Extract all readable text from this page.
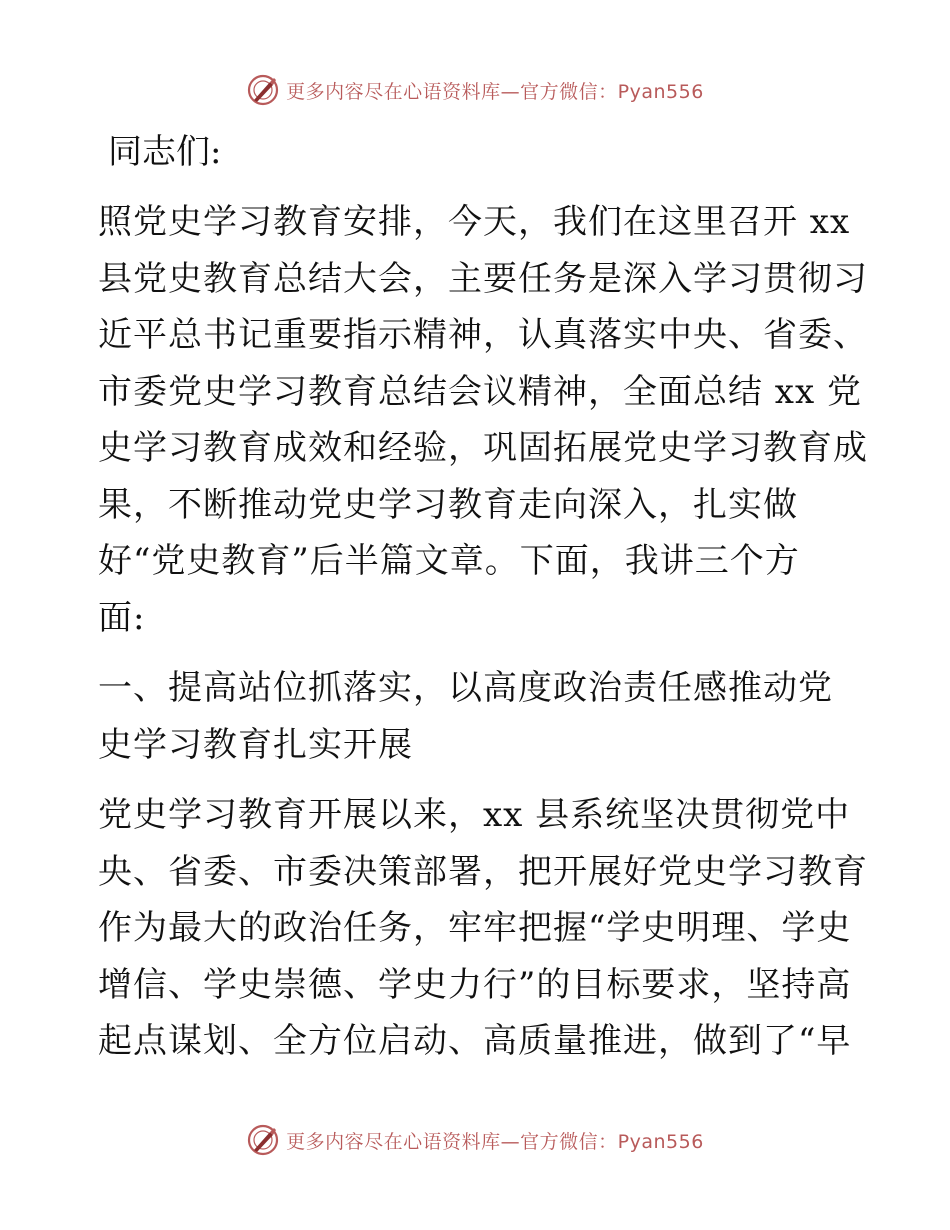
更多内容尽在心语资料库—官方微信：Pyan556
同志们:
照党史学习教育安排，今天，我们在这里召开 xx
县党史教育总结大会，主要任务是深入学习贯彻习
近平总书记重要指示精神，认真落实中央、省委、
市委党史学习教育总结会议精神，全面总结 xx 党
史学习教育成效和经验，巩固拓展党史学习教育成
果，不断推动党史学习教育走向深入，扎实做
好“党史教育”后半篇文章。下面，我讲三个方
面:
一、提高站位抓落实，以高度政治责任感推动党
史学习教育扎实开展
党史学习教育开展以来，xx 县系统坚决贯彻党中
央、省委、市委决策部署，把开展好党史学习教育
作为最大的政治任务，牢牢把握“学史明理、学史
增信、学史崇德、学史力行”的目标要求，坚持高
起点谋划、全方位启动、高质量推进，做到了“早
更多内容尽在心语资料库—官方微信：Pyan556
